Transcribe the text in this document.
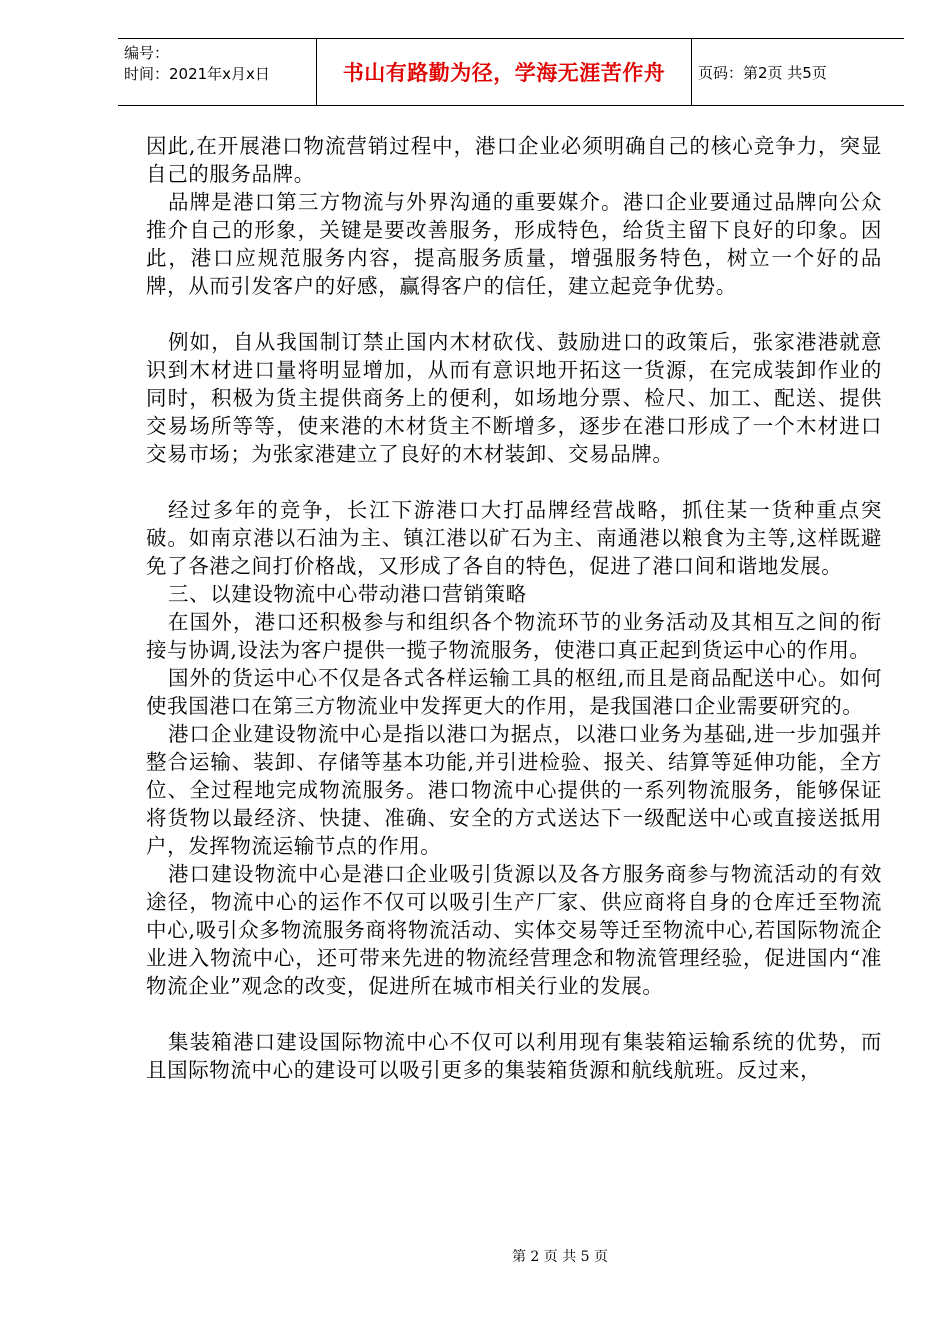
编号：
时间：2021年x月x日	书山有路勤为径，学海无涯苦作舟	页码：第2页 共5页

因此,在开展港口物流营销过程中，港口企业必须明确自己的核心竞争力，突显自己的服务品牌。

品牌是港口第三方物流与外界沟通的重要媒介。港口企业要通过品牌向公众推介自己的形象，关键是要改善服务，形成特色，给货主留下良好的印象。因此，港口应规范服务内容，提高服务质量，增强服务特色，树立一个好的品牌，从而引发客户的好感，赢得客户的信任，建立起竞争优势。

例如，自从我国制订禁止国内木材砍伐、鼓励进口的政策后，张家港港就意识到木材进口量将明显增加，从而有意识地开拓这一货源，在完成装卸作业的同时，积极为货主提供商务上的便利，如场地分票、检尺、加工、配送、提供交易场所等等，使来港的木材货主不断增多，逐步在港口形成了一个木材进口交易市场；为张家港建立了良好的木材装卸、交易品牌。

经过多年的竞争，长江下游港口大打品牌经营战略，抓住某一货种重点突破。如南京港以石油为主、镇江港以矿石为主、南通港以粮食为主等,这样既避免了各港之间打价格战，又形成了各自的特色，促进了港口间和谐地发展。

三、以建设物流中心带动港口营销策略

在国外，港口还积极参与和组织各个物流环节的业务活动及其相互之间的衔接与协调,设法为客户提供一揽子物流服务，使港口真正起到货运中心的作用。

国外的货运中心不仅是各式各样运输工具的枢纽,而且是商品配送中心。如何使我国港口在第三方物流业中发挥更大的作用，是我国港口企业需要研究的。

港口企业建设物流中心是指以港口为据点，以港口业务为基础,进一步加强并整合运输、装卸、存储等基本功能,并引进检验、报关、结算等延伸功能，全方位、全过程地完成物流服务。港口物流中心提供的一系列物流服务，能够保证将货物以最经济、快捷、准确、安全的方式送达下一级配送中心或直接送抵用户，发挥物流运输节点的作用。

港口建设物流中心是港口企业吸引货源以及各方服务商参与物流活动的有效途径，物流中心的运作不仅可以吸引生产厂家、供应商将自身的仓库迁至物流中心,吸引众多物流服务商将物流活动、实体交易等迁至物流中心,若国际物流企业进入物流中心，还可带来先进的物流经营理念和物流管理经验，促进国内“准物流企业”观念的改变，促进所在城市相关行业的发展。

集装箱港口建设国际物流中心不仅可以利用现有集装箱运输系统的优势，而且国际物流中心的建设可以吸引更多的集装箱货源和航线航班。反过来，

第 2 页 共 5 页
